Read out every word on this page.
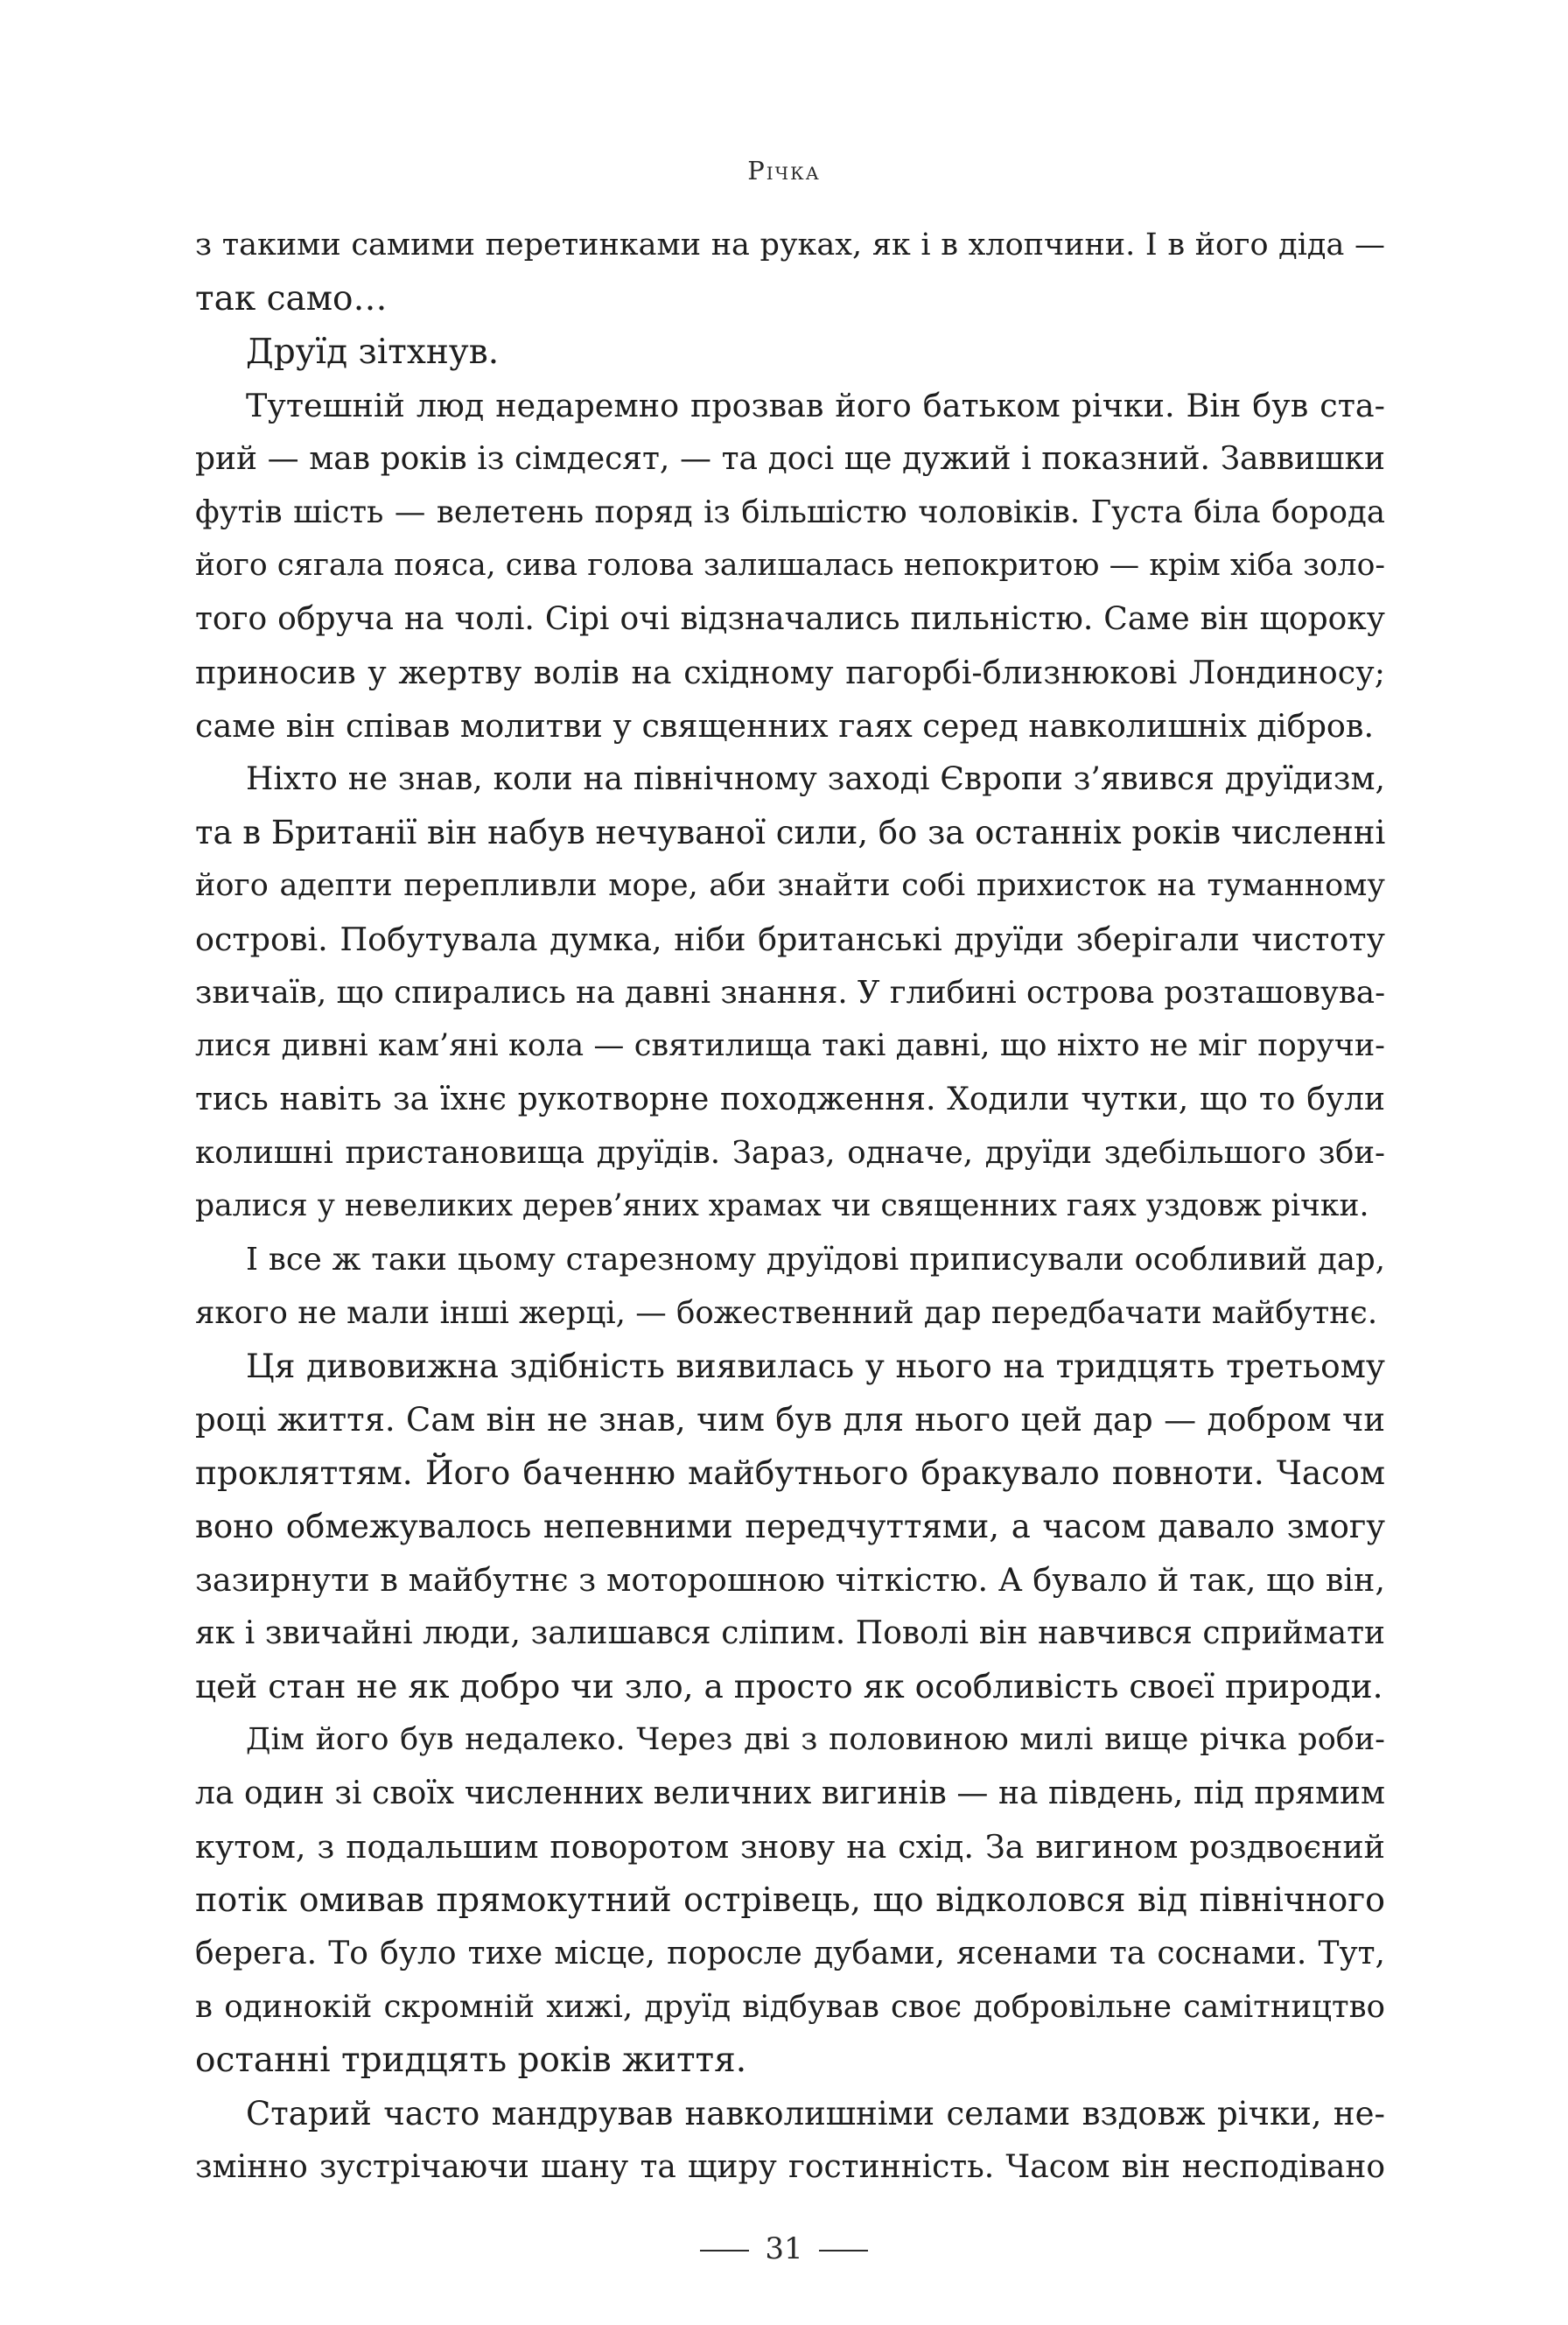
Річка
з такими самими перетинками на руках, як і в хлопчини. І в його діда —
так само…
Друїд зітхнув.
Тутешній люд недаремно прозвав його батьком річки. Він був ста-
рий — мав років із сімдесят, — та досі ще дужий і показний. Заввишки
футів шість — велетень поряд із більшістю чоловіків. Густа біла борода
його сягала пояса, сива голова залишалась непокритою — крім хіба золо-
того обруча на чолі. Сірі очі відзначались пильністю. Саме він щороку
приносив у жертву волів на східному пагорбі-близнюкові Лондиносу;
саме він співав молитви у священних гаях серед навколишніх дібров.
Ніхто не знав, коли на північному заході Європи з’явився друїдизм,
та в Британії він набув нечуваної сили, бо за останніх років численні
його адепти перепливли море, аби знайти собі прихисток на туманному
острові. Побутувала думка, ніби британські друїди зберігали чистоту
звичаїв, що спирались на давні знання. У глибині острова розташовува-
лися дивні кам’яні кола — святилища такі давні, що ніхто не міг поручи-
тись навіть за їхнє рукотворне походження. Ходили чутки, що то були
колишні пристановища друїдів. Зараз, одначе, друїди здебільшого зби-
ралися у невеликих дерев’яних храмах чи священних гаях уздовж річки.
І все ж таки цьому старезному друїдові приписували особливий дар,
якого не мали інші жерці, — божественний дар передбачати майбутнє.
Ця дивовижна здібність виявилась у нього на тридцять третьому
році життя. Сам він не знав, чим був для нього цей дар — добром чи
прокляттям. Його баченню майбутнього бракувало повноти. Часом
воно обмежувалось непевними передчуттями, а часом давало змогу
зазирнути в майбутнє з моторошною чіткістю. А бувало й так, що він,
як і звичайні люди, залишався сліпим. Поволі він навчився сприймати
цей стан не як добро чи зло, а просто як особливість своєї природи.
Дім його був недалеко. Через дві з половиною милі вище річка роби-
ла один зі своїх численних величних вигинів — на південь, під прямим
кутом, з подальшим поворотом знову на схід. За вигином роздвоєний
потік омивав прямокутний острівець, що відколовся від північного
берега. То було тихе місце, поросле дубами, ясенами та соснами. Тут,
в одинокій скромній хижі, друїд відбував своє добровільне самітництво
останні тридцять років життя.
Старий часто мандрував навколишніми селами вздовж річки, не-
змінно зустрічаючи шану та щиру гостинність. Часом він несподівано
31
